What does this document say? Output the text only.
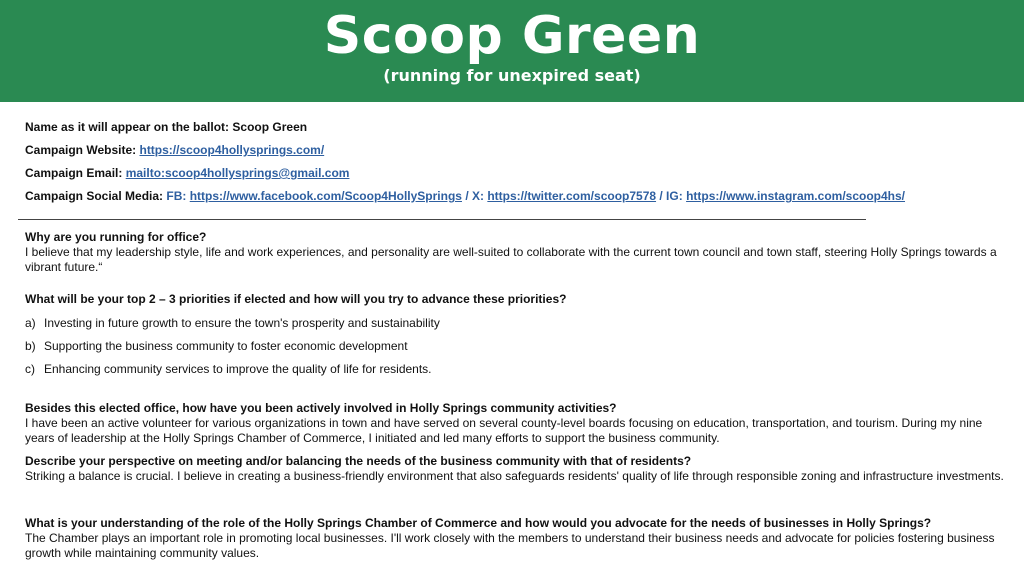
Scoop Green
(running for unexpired seat)

Name as it will appear on the ballot: Scoop Green

Campaign Website: https://scoop4hollysprings.com/

Campaign Email: mailto:scoop4hollysprings@gmail.com

Campaign Social Media: FB: https://www.facebook.com/Scoop4HollySprings / X: https://twitter.com/scoop7578 / IG: https://www.instagram.com/scoop4hs/

Why are you running for office?

I believe that my leadership style, life and work experiences, and personality are well-suited to collaborate with the current town council and town staff, steering Holly Springs towards a vibrant future.“

What will be your top 2 – 3 priorities if elected and how will you try to advance these priorities?

a) Investing in future growth to ensure the town's prosperity and sustainability
b) Supporting the business community to foster economic development
c) Enhancing community services to improve the quality of life for residents.

Besides this elected office, how have you been actively involved in Holly Springs community activities?

I have been an active volunteer for various organizations in town and have served on several county-level boards focusing on education, transportation, and tourism. During my nine years of leadership at the Holly Springs Chamber of Commerce, I initiated and led many efforts to support the business community.

Describe your perspective on meeting and/or balancing the needs of the business community with that of residents?

Striking a balance is crucial. I believe in creating a business-friendly environment that also safeguards residents' quality of life through responsible zoning and infrastructure investments.

What is your understanding of the role of the Holly Springs Chamber of Commerce and how would you advocate for the needs of businesses in Holly Springs?

The Chamber plays an important role in promoting local businesses. I'll work closely with the members to understand their business needs and advocate for policies fostering business growth while maintaining community values.
